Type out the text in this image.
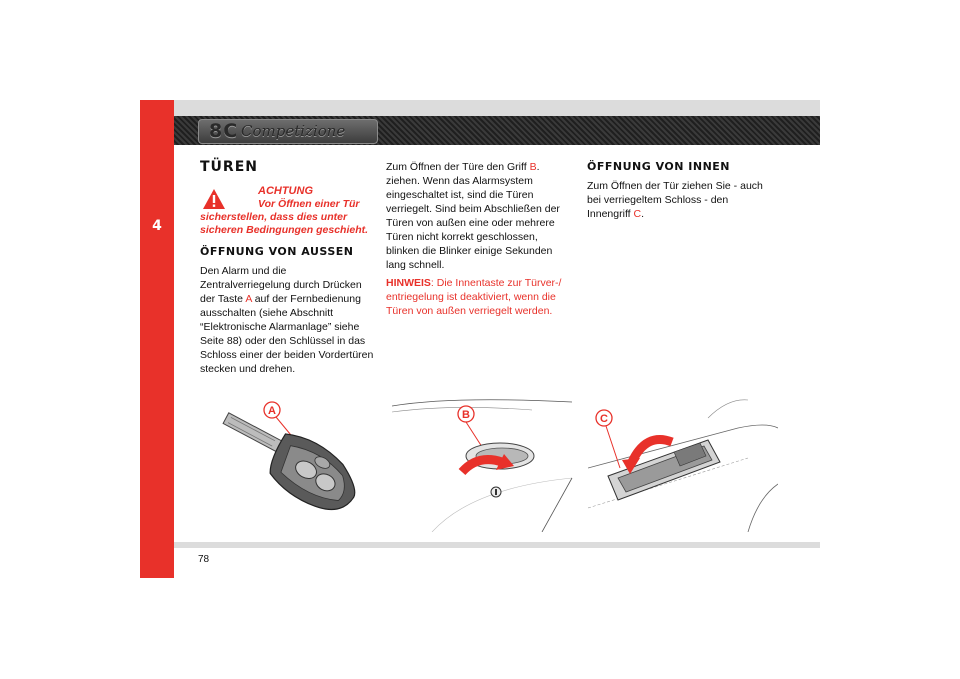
4
8C Competizione
TÜREN
ACHTUNG
Vor Öffnen einer Tür
sicherstellen, dass dies unter sicheren Bedingungen geschieht.
ÖFFNUNG VON AUSSEN

Den Alarm und die Zentralverriegelung durch Drücken der Taste A auf der Fernbedienung ausschalten (siehe Abschnitt “Elektronische Alarmanlage” siehe Seite 88) oder den Schlüssel in das Schloss einer der beiden Vordertüren stecken und drehen.

Zum Öffnen der Türe den Griff B.
ziehen. Wenn das Alarmsystem eingeschaltet ist, sind die Türen verriegelt. Sind beim Abschließen der Türen von außen eine oder mehrere Türen nicht korrekt geschlossen, blinken die Blinker einige Sekunden lang schnell.

HINWEIS: Die Innentaste zur Türver-/ entriegelung ist deaktiviert, wenn die Türen von außen verriegelt werden.

ÖFFNUNG VON INNEN

Zum Öffnen der Tür ziehen Sie - auch bei verriegeltem Schloss - den Innengriff C.

A	B	C
78
